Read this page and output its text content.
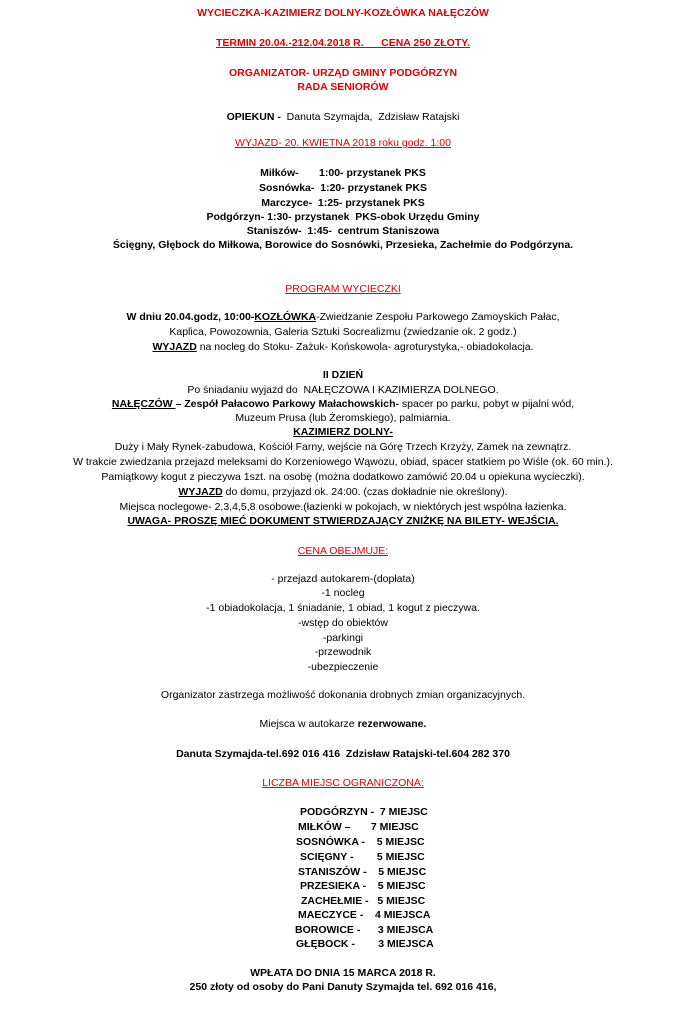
WYCIECZKA-KAZIMIERZ DOLNY-KOZŁÓWKA NAŁĘCZÓW
TERMIN 20.04.-212.04.2018 R.      CENA 250 ZŁOTY.
ORGANIZATOR- URZĄD GMINY PODGÓRZYN
RADA SENIORÓW
OPIEKUN -  Danuta Szymajda,  Zdzisław Ratajski
WYJAZD- 20. KWIETNA 2018 roku godz. 1:00
Miłków-       1:00- przystanek PKS
Sosnówka-  1:20- przystanek PKS
Marczyce-  1:25- przystanek PKS
Podgórzyn- 1:30- przystanek  PKS-obok Urzędu Gminy
Staniszów-  1:45-  centrum Staniszowa
Ścięgny, Głębock do Miłkowa, Borowice do Sosnówki, Przesieka, Zachełmie do Podgórzyna.
PROGRAM WYCIECZKI
W dniu 20.04.godz, 10:00-KOZŁÓWKA-Zwiedzanie Zespołu Parkowego Zamoyskich Pałac,
Kaplica, Powozownia, Galeria Sztuki Socrealizmu (zwiedzanie ok. 2 godz.)
WYJAZD na nocleg do Stoku- Zażuk- Końskowola- agroturystyka,- obiadokolacja.
II DZIEŃ
Po śniadaniu wyjazd do  NAŁĘCZOWA I KAZIMIERZA DOLNEGO.
NAŁĘCZÓW – Zespół Pałacowo Parkowy Małachowskich- spacer po parku, pobyt w pijalni wód,
Muzeum Prusa (lub Żeromskiego), palmiarnia.
KAZIMIERZ DOLNY-
Duży i Mały Rynek-zabudowa, Kościół Farny, wejście na Górę Trzech Krzyży, Zamek na zewnątrz.
W trakcie zwiedzania przejazd meleksami do Korzeniowego Wąwozu, obiad, spacer statkiem po Wiśle (ok. 60 min.).
Pamiątkowy kogut z pieczywa 1szt. na osobę (można dodatkowo zamówić 20.04 u opiekuna wycieczki).
WYJAZD do domu, przyjazd ok. 24:00. (czas dokładnie nie określony).
Miejsca noclegowe- 2,3,4,5,8 osobowe.(łazienki w pokojach, w niektórych jest wspólna łazienka.
UWAGA- PROSZĘ MIEĆ DOKUMENT STWIERDZAJĄCY ZNIŻKĘ NA BILETY- WEJŚCIA.
CENA OBEJMUJE:
- przejazd autokarem-(dopłata)
-1 nocleg
-1 obiadokolacja, 1 śniadanie, 1 obiad, 1 kogut z pieczywa.
-wstęp do obiektów
-parkingi
-przewodnik
-ubezpieczenie
Organizator zastrzega możliwość dokonania drobnych zmian organizacyjnych.
Miejsca w autokarze rezerwowane.
Danuta Szymajda-tel.692 016 416  Zdzisław Ratajski-tel.604 282 370
LICZBA MIEJSC OGRANICZONA:
PODGÓRZYN -  7 MIEJSC
MIŁKÓW –       7 MIEJSC
SOSNÓWKA -    5 MIEJSC
SCIĘGNY -        5 MIEJSC
STANISZÓW -    5 MIEJSC
PRZESIEKA -    5 MIEJSC
ZACHEŁMIE -   5 MIEJSC
MAECZYCE -    4 MIEJSCA
BOROWICE -      3 MIEJSCA
GŁĘBOCK -        3 MIEJSCA
WPŁATA DO DNIA 15 MARCA 2018 R.
250 złoty od osoby do Pani Danuty Szymajda tel. 692 016 416,
